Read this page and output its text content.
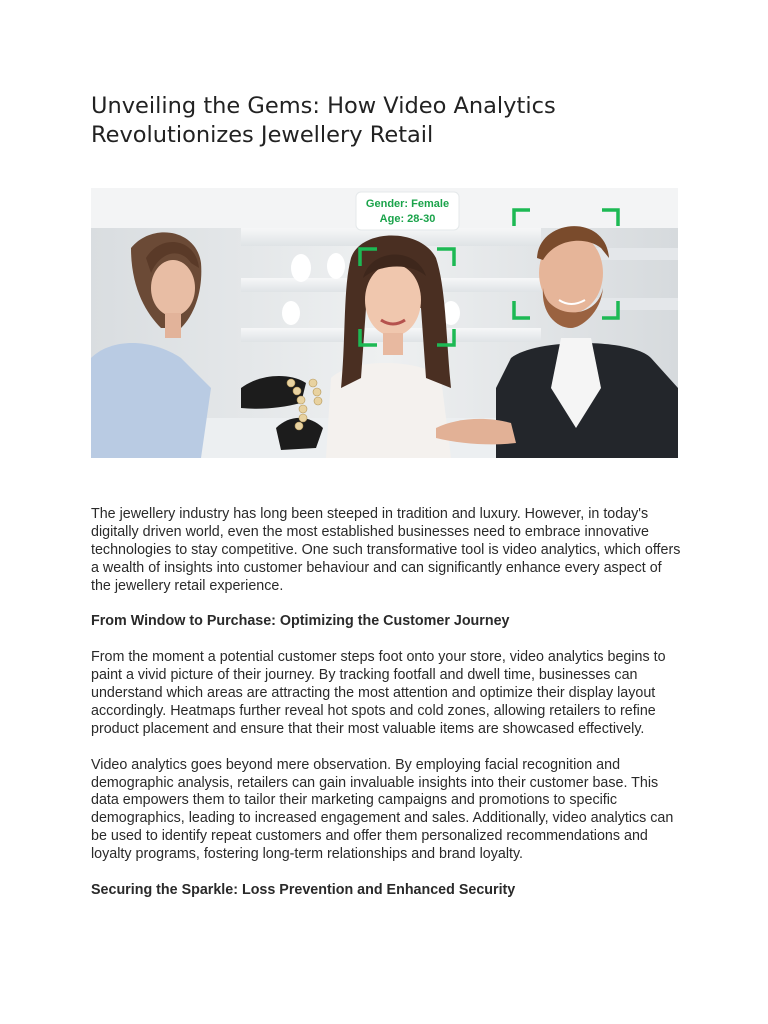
Unveiling the Gems: How Video Analytics Revolutionizes Jewellery Retail
Gender: Female
Age: 28-30

The jewellery industry has long been steeped in tradition and luxury. However, in today's digitally driven world, even the most established businesses need to embrace innovative technologies to stay competitive. One such transformative tool is video analytics, which offers a wealth of insights into customer behaviour and can significantly enhance every aspect of the jewellery retail experience.

From Window to Purchase: Optimizing the Customer Journey

From the moment a potential customer steps foot onto your store, video analytics begins to paint a vivid picture of their journey. By tracking footfall and dwell time, businesses can understand which areas are attracting the most attention and optimize their display layout accordingly. Heatmaps further reveal hot spots and cold zones, allowing retailers to refine product placement and ensure that their most valuable items are showcased effectively.

Video analytics goes beyond mere observation. By employing facial recognition and demographic analysis, retailers can gain invaluable insights into their customer base. This data empowers them to tailor their marketing campaigns and promotions to specific demographics, leading to increased engagement and sales. Additionally, video analytics can be used to identify repeat customers and offer them personalized recommendations and loyalty programs, fostering long-term relationships and brand loyalty.

Securing the Sparkle: Loss Prevention and Enhanced Security
